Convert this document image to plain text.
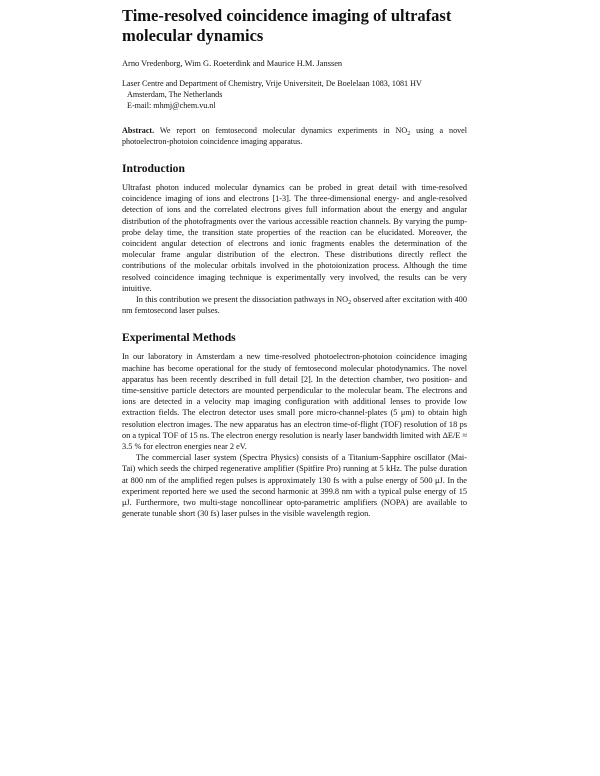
Time-resolved coincidence imaging of ultrafast molecular dynamics
Arno Vredenborg, Wim G. Roeterdink and Maurice H.M. Janssen
Laser Centre and Department of Chemistry, Vrije Universiteit, De Boelelaan 1083, 1081 HV
Amsterdam, The Netherlands
E-mail: mhmj@chem.vu.nl
Abstract. We report on femtosecond molecular dynamics experiments in $NO_2$ using a novel photoelectron-photoion coincidence imaging apparatus.
Introduction

Ultrafast photon induced molecular dynamics can be probed in great detail with time-resolved coincidence imaging of ions and electrons [1-3]. The three-dimensional energy- and angle-resolved detection of ions and the correlated electrons gives full information about the energy and angular distribution of the photofragments over the various accessible reaction channels. By varying the pump-probe delay time, the transition state properties of the reaction can be elucidated. Moreover, the coincident angular detection of electrons and ionic fragments enables the determination of the molecular frame angular distribution of the electron. These distributions directly reflect the contributions of the molecular orbitals involved in the photoionization process. Although the time resolved coincidence imaging technique is experimentally very involved, the results can be very intuitive.

In this contribution we present the dissociation pathways in $NO_2$ observed after excitation with 400 nm femtosecond laser pulses.

Experimental Methods

In our laboratory in Amsterdam a new time-resolved photoelectron-photoion coincidence imaging machine has become operational for the study of femtosecond molecular photodynamics. The novel apparatus has been recently described in full detail [2]. In the detection chamber, two position- and time-sensitive particle detectors are mounted perpendicular to the molecular beam. The electrons and ions are detected in a velocity map imaging configuration with additional lenses to provide low extraction fields. The electron detector uses small pore micro-channel-plates (5 μm) to obtain high resolution electron images. The new apparatus has an electron time-of-flight (TOF) resolution of 18 ps on a typical TOF of 15 ns. The electron energy resolution is nearly laser bandwidth limited with ΔE/E ≈ 3.5 % for electron energies near 2 eV.

The commercial laser system (Spectra Physics) consists of a Titanium-Sapphire oscillator (Mai-Tai) which seeds the chirped regenerative amplifier (Spitfire Pro) running at 5 kHz. The pulse duration at 800 nm of the amplified regen pulses is approximately 130 fs with a pulse energy of 500 μJ. In the experiment reported here we used the second harmonic at 399.8 nm with a typical pulse energy of 15 μJ. Furthermore, two multi-stage noncollinear opto-parametric amplifiers (NOPA) are available to generate tunable short (30 fs) laser pulses in the visible wavelength region.
